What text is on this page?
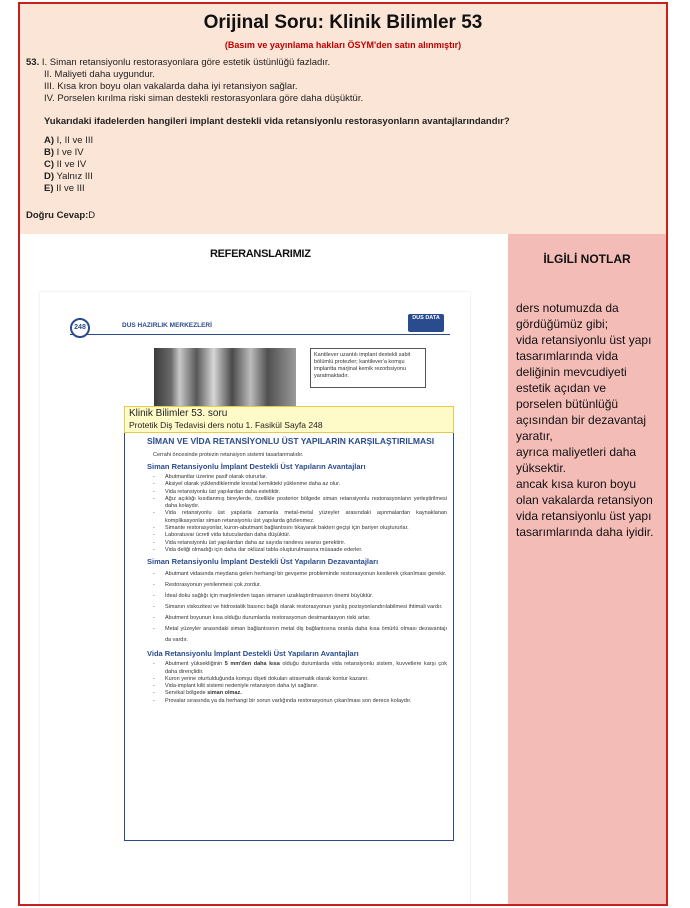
Orijinal Soru: Klinik Bilimler 53
(Basım ve yayınlama hakları ÖSYM'den satın alınmıştır)
53. I. Siman retansiyonlu restorasyonlara göre estetik üstünlüğü fazladır.
II. Maliyeti daha uygundur.
III. Kısa kron boyu olan vakalarda daha iyi retansiyon sağlar.
IV. Porselen kırılma riski siman destekli restorasyonlara göre daha düşüktür.
Yukarıdaki ifadelerden hangileri implant destekli vida retansiyonlu restorasyonların avantajlarındandır?
A) I, II ve III
B) I ve IV
C) II ve IV
D) Yalnız III
E) II ve III
Doğru Cevap:D
REFERANSLARIMIZ
248	DUS HAZIRLIK MERKEZLERİ
DUS DATA
Kantilever uzantılı implant destekli sabit bölümlü protezler; kantilever'a komşu implantta marjinal kemik rezorbsiyonu yaratmaktadır.
Klinik Bilimler 53. soru
Protetik Diş Tedavisi ders notu 1. Fasikül Sayfa 248
SİMAN VE VİDA RETANSİYONLU ÜST YAPILARIN KARŞILAŞTIRILMASI
Cerrahi öncesinde protezin retansiyon sistemi tasarlanmalıdır.
Siman Retansiyonlu İmplant Destekli Üst Yapıların Avantajları
- Abutmantlar üzerine pasif olarak otururlar.
- Aksiyel olarak yüklendiklerinde krestal kemikteki yüklenme daha az olur.
- Vida retansiyonlu üst yapılardan daha estetiktir.
- Ağız açıklığı kısıtlanmış bireylerde, özellikle posterior bölgede siman retansiyonlu restorasyonların yerleştirilmesi daha kolaydır.
- Vida retansiyonlu üst yapılarla zamanla metal-metal yüzeyler arasındaki aşınmalardan kaynaklanan komplikasyonlar siman retansiyonlu üst yapılarda gözlenmez.
- Simante restorasyonlar, kuron-abutmant bağlantısını tıkayarak bakteri geçişi için bariyer oluştururlar.
- Laboratuvar ücreti vida tutuculardan daha düşüktür.
- Vida retansiyonlu üst yapılardan daha az sayıda randevu seansı gerektirir.
- Vida deliği olmadığı için daha dar oklüzal tabla oluşturulmasına müsaade ederler.
Siman Retansiyonlu İmplant Destekli Üst Yapıların Dezavantajları
- Abutmant vidasında meydana gelen herhangi bir gevşeme probleminde restorasyonun kesilerek çıkarılması gerekir.
- Restorasyonun yenilenmesi çok zordur.
- İdeal doku sağlığı için marjinlerden taşan simanın uzaklaştırılmasının önemi büyüktür.
- Simanın viskozitesi ve hidrostatik basıncı bağlı olarak restorasyonun yanlış pozisyonlandırılabilmesi ihtimali vardır.
- Abutment boyunun kısa olduğu durumlarda restorasyonun desimantasyon riski artar.
- Metal yüzeyler arasındaki siman bağlantısının metal diş bağlantısına oranla daha kısa ömürlü olması dezavantajı da vardır.
Vida Retansiyonlu İmplant Destekli Üst Yapıların Avantajları
- Abutment yüksekliğinin 5 mm'den daha kısa olduğu durumlarda vida retansiyonlu sistem, kuvvetlere karşı çok daha dirençlidir.
- Kuron yerine oturtulduğunda komşu dişeti dokuları atravmatik olarak kontur kazanır.
- Vida-implant kilit sistemi nedeniyle retansiyon daha iyi sağlanır.
- Servikal bölgede siman olmaz.
- Provalar sırasında ya da herhangi bir sorun varlığında restorasyonun çıkarılması son derece kolaydır.
İLGİLİ NOTLAR
ders notumuzda da
gördüğümüz gibi;
vida retansiyonlu üst yapı
tasarımlarında vida
deliğinin mevcudiyeti
estetik açıdan ve
porselen bütünlüğü
açısından bir dezavantaj
yaratır,
ayrıca maliyetleri daha
yüksektir.
ancak kısa kuron boyu
olan vakalarda retansiyon
vida retansiyonlu üst yapı
tasarımlarında daha iyidir.
